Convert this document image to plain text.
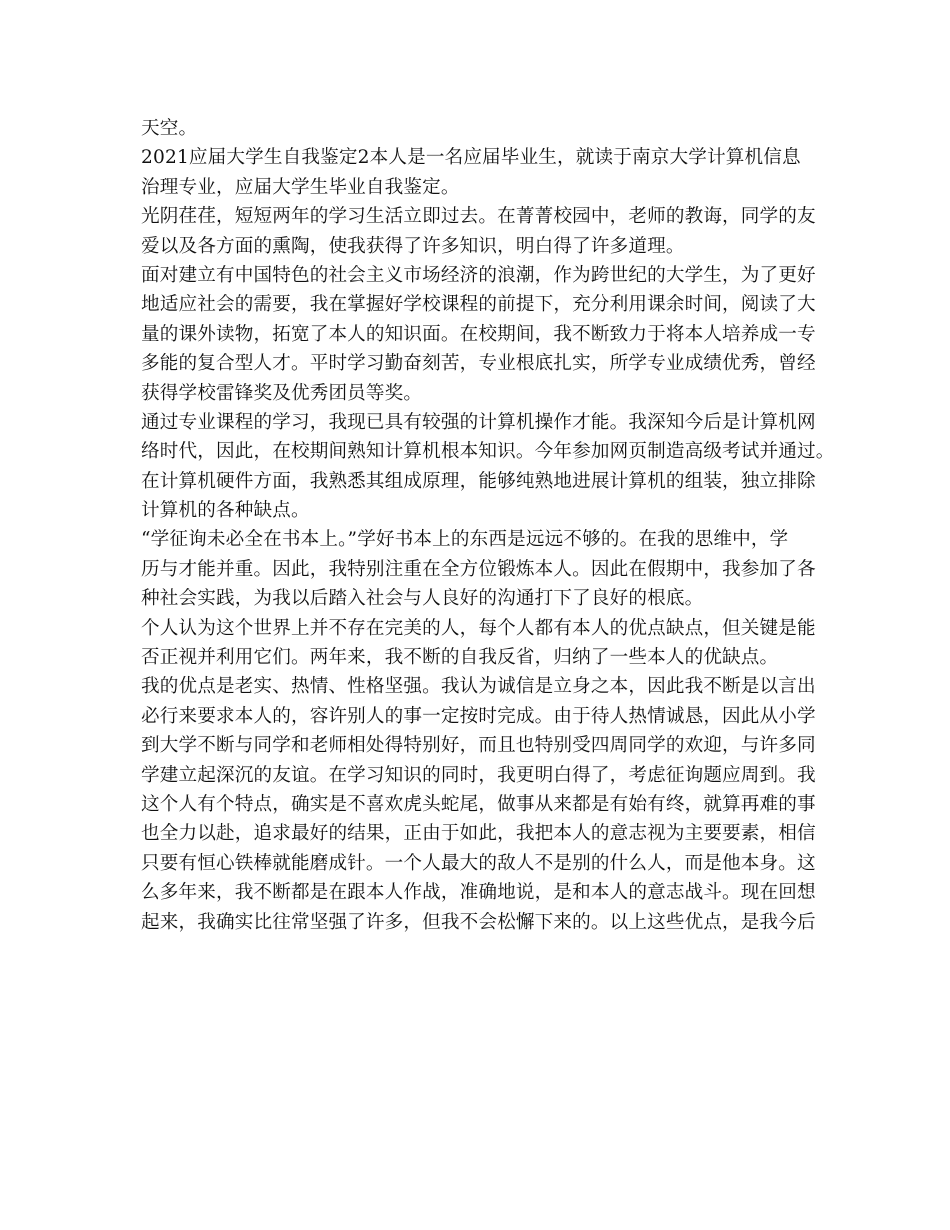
天空。
2021应届大学生自我鉴定2本人是一名应届毕业生，就读于南京大学计算机信息
治理专业，应届大学生毕业自我鉴定。
光阴荏荏，短短两年的学习生活立即过去。在菁菁校园中，老师的教诲，同学的友
爱以及各方面的熏陶，使我获得了许多知识，明白得了许多道理。
面对建立有中国特色的社会主义市场经济的浪潮，作为跨世纪的大学生，为了更好
地适应社会的需要，我在掌握好学校课程的前提下，充分利用课余时间，阅读了大
量的课外读物，拓宽了本人的知识面。在校期间，我不断致力于将本人培养成一专
多能的复合型人才。平时学习勤奋刻苦，专业根底扎实，所学专业成绩优秀，曾经
获得学校雷锋奖及优秀团员等奖。
通过专业课程的学习，我现已具有较强的计算机操作才能。我深知今后是计算机网
络时代，因此，在校期间熟知计算机根本知识。今年参加网页制造高级考试并通过。
在计算机硬件方面，我熟悉其组成原理，能够纯熟地进展计算机的组装，独立排除
计算机的各种缺点。
“学征询未必全在书本上。”学好书本上的东西是远远不够的。在我的思维中，学
历与才能并重。因此，我特别注重在全方位锻炼本人。因此在假期中，我参加了各
种社会实践，为我以后踏入社会与人良好的沟通打下了良好的根底。
个人认为这个世界上并不存在完美的人，每个人都有本人的优点缺点，但关键是能
否正视并利用它们。两年来，我不断的自我反省，归纳了一些本人的优缺点。
我的优点是老实、热情、性格坚强。我认为诚信是立身之本，因此我不断是以言出
必行来要求本人的，容许别人的事一定按时完成。由于待人热情诚恳，因此从小学
到大学不断与同学和老师相处得特别好，而且也特别受四周同学的欢迎，与许多同
学建立起深沉的友谊。在学习知识的同时，我更明白得了，考虑征询题应周到。我
这个人有个特点，确实是不喜欢虎头蛇尾，做事从来都是有始有终，就算再难的事
也全力以赴，追求最好的结果，正由于如此，我把本人的意志视为主要要素，相信
只要有恒心铁棒就能磨成针。一个人最大的敌人不是别的什么人，而是他本身。这
么多年来，我不断都是在跟本人作战，准确地说，是和本人的意志战斗。现在回想
起来，我确实比往常坚强了许多，但我不会松懈下来的。以上这些优点，是我今后
